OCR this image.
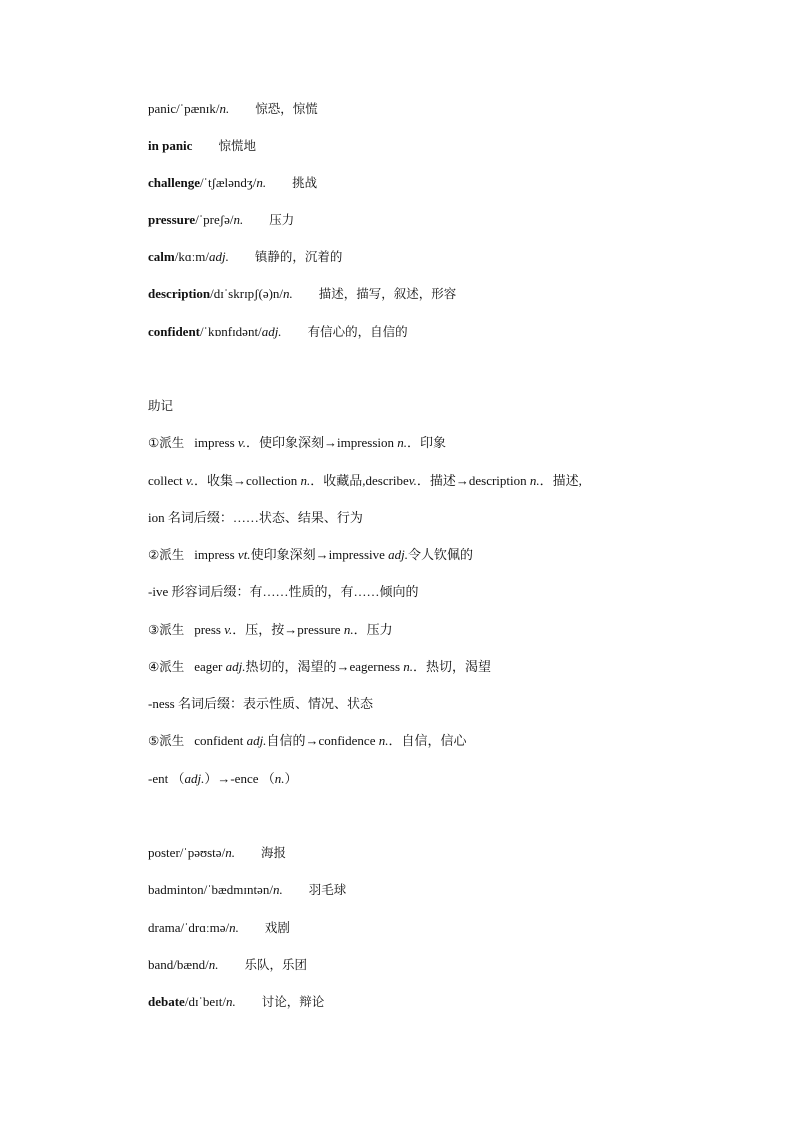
panic/ˈpænɪk/n. 惊恐，惊慌
in panic 惊慌地
challenge/ˈtʃæləndʒ/n. 挑战
pressure/ˈpreʃə/n. 压力
calm/kɑːm/adj. 镇静的，沉着的
description/dɪˈskrɪpʃ(ə)n/n. 描述，描写，叙述，形容
confident/ˈkɒnfɪdənt/adj. 有信心的，自信的
助记
①派生 impress v.．使印象深刻→impression n.．印象
collect v.．收集→collection n.．收藏品,describev.．描述→description n.．描述,
ion 名词后缀：……状态、结果、行为
②派生 impress vt.使印象深刻→impressive adj.令人钦佩的
-ive 形容词后缀：有……性质的，有……倾向的
③派生 press v.．压，按→pressure n.．压力
④派生 eager adj.热切的，渴望的→eagerness n.．热切，渴望
-ness 名词后缀：表示性质、情况、状态
⑤派生 confident adj.自信的→confidence n.．自信，信心
-ent （adj.）→-ence （n.）
poster/ˈpəʊstə/n. 海报
badminton/ˈbædmɪntən/n. 羽毛球
drama/ˈdrɑːmə/n. 戏剧
band/bænd/n. 乐队，乐团
debate/dɪˈbeɪt/n. 讨论，辩论
